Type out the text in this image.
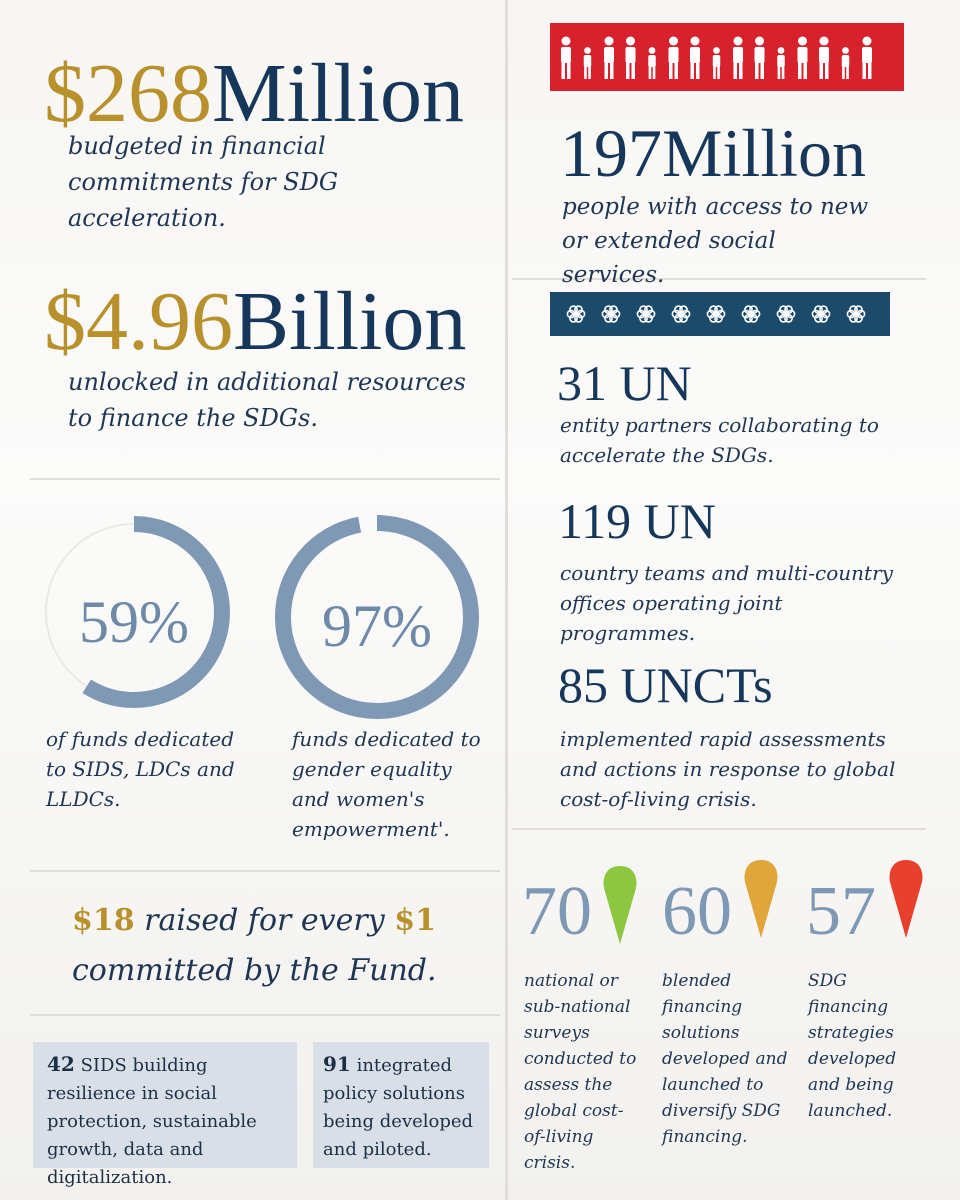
$268Million
budgeted in financial commitments for SDG acceleration.
$4.96Billion
unlocked in additional resources to finance the SDGs.
59%
of funds dedicated to SIDS, LDCs and LLDCs.
97%
funds dedicated to gender equality and women's empowerment'.
$18 raised for every $1
committed by the Fund.
42 SIDS building resilience in social protection, sustainable growth, data and digitalization.
91 integrated policy solutions being developed and piloted.
197Million
people with access to new or extended social services.
31 UN
entity partners collaborating to accelerate the SDGs.
119 UN
country teams and multi-country offices operating joint programmes.
85 UNCTs
implemented rapid assessments and actions in response to global cost-of-living crisis.
70
national or sub-national surveys conducted to assess the global cost-of-living crisis.
60
blended financing solutions developed and launched to diversify SDG financing.
57
SDG financing strategies developed and being launched.
